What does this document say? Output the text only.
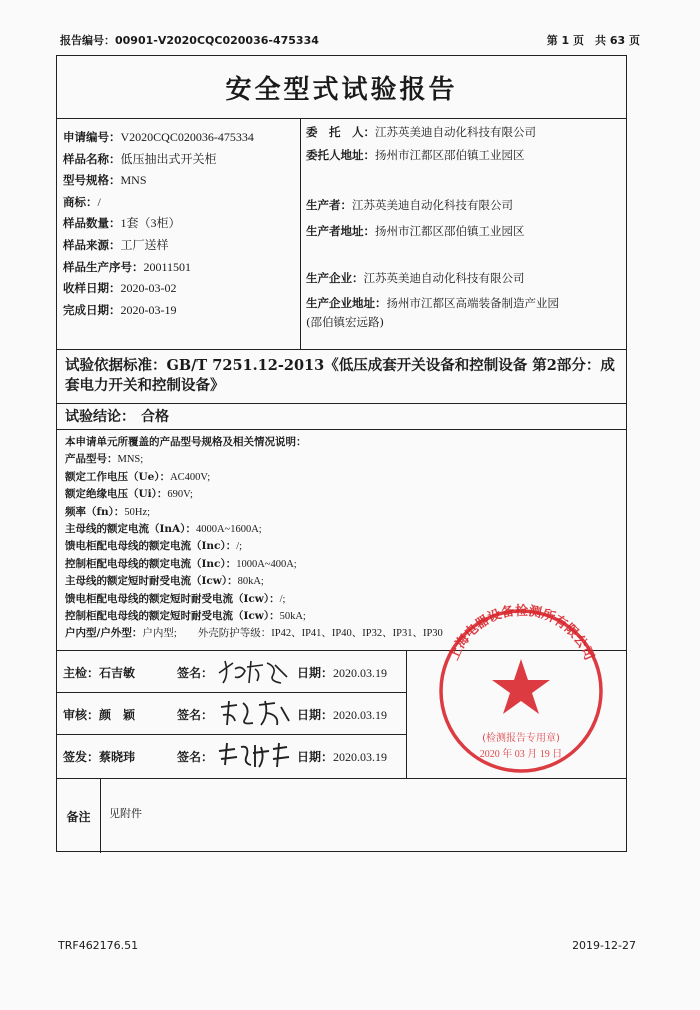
报告编号：00901-V2020CQC020036-475334	第 1 页　共 63 页
安全型式试验报告
申请编号：V2020CQC020036-475334
样品名称：低压抽出式开关柜
型号规格：MNS
商标：/
样品数量：1套（3柜）
样品来源：工厂送样
样品生产序号：20011501
收样日期：2020-03-02
完成日期：2020-03-19
委　托　人：江苏英美迪自动化科技有限公司
委托人地址：扬州市江都区邵伯镇工业园区
生产者：江苏英美迪自动化科技有限公司
生产者地址：扬州市江都区邵伯镇工业园区
生产企业：江苏英美迪自动化科技有限公司
生产企业地址：扬州市江都区高端装备制造产业园
(邵伯镇宏远路)
试验依据标准：GB/T 7251.12-2013《低压成套开关设备和控制设备 第2部分：成套电力开关和控制设备》
试验结论： 合格
本申请单元所覆盖的产品型号规格及相关情况说明：
产品型号：MNS;
额定工作电压（Ue）：AC400V;
额定绝缘电压（Ui）：690V;
频率（fn）：50Hz;
主母线的额定电流（InA）：4000A~1600A;
馈电柜配电母线的额定电流（Inc）：/;
控制柜配电母线的额定电流（Inc）：1000A~400A;
主母线的额定短时耐受电流（Icw）：80kA;
馈电柜配电母线的额定短时耐受电流（Icw）：/;
控制柜配电母线的额定短时耐受电流（Icw）：50kA;
户内型/户外型：户内型;　　外壳防护等级：IP42、IP41、IP40、IP32、IP31、IP30
主检：石吉敏	签名：	日期：2020.03.19
审核：颜　颖	签名：	日期：2020.03.19
签发：蔡晓玮	签名：	日期：2020.03.19
上海电器设备检测所有限公司
(检测报告专用章)
2020 年 03 月 19 日
备注	见附件
TRF462176.51	2019-12-27
